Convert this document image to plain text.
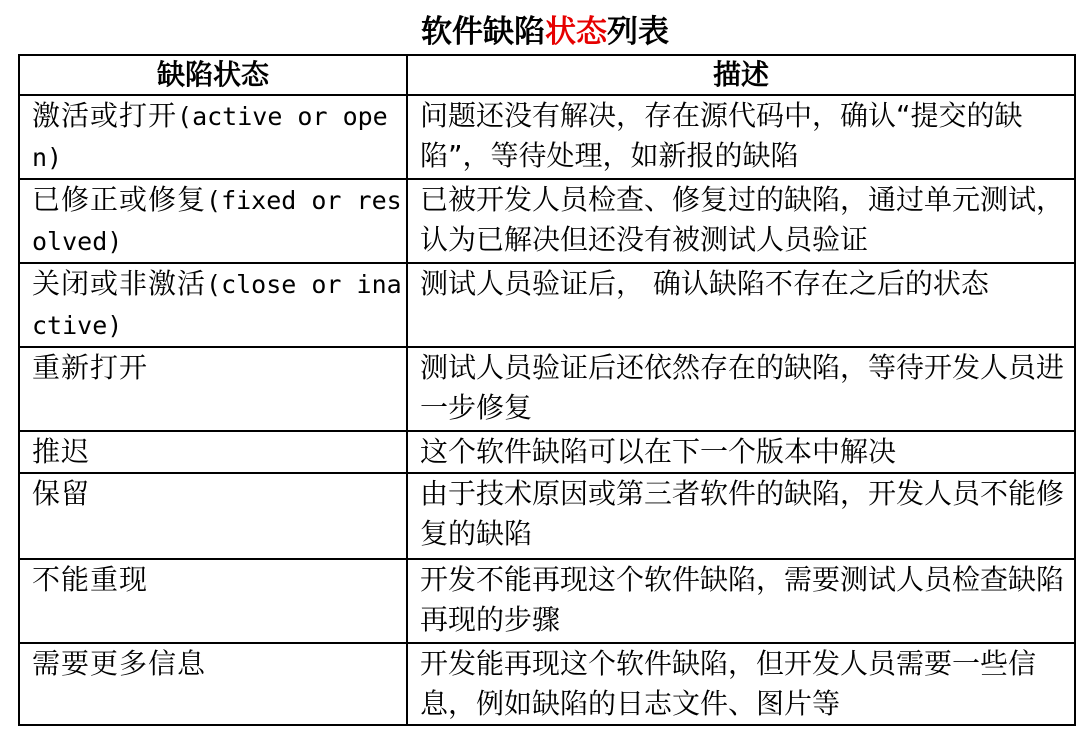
软件缺陷状态列表
缺陷状态	描述
激活或打开(active or open)	问题还没有解决，存在源代码中，确认“提交的缺陷”，等待处理，如新报的缺陷
已修正或修复(fixed or resolved)	已被开发人员检查、修复过的缺陷，通过单元测试，认为已解决但还没有被测试人员验证
关闭或非激活(close or inactive)	测试人员验证后， 确认缺陷不存在之后的状态
重新打开	测试人员验证后还依然存在的缺陷，等待开发人员进一步修复
推迟	这个软件缺陷可以在下一个版本中解决
保留	由于技术原因或第三者软件的缺陷，开发人员不能修复的缺陷
不能重现	开发不能再现这个软件缺陷，需要测试人员检查缺陷再现的步骤
需要更多信息	开发能再现这个软件缺陷，但开发人员需要一些信息，例如缺陷的日志文件、图片等
